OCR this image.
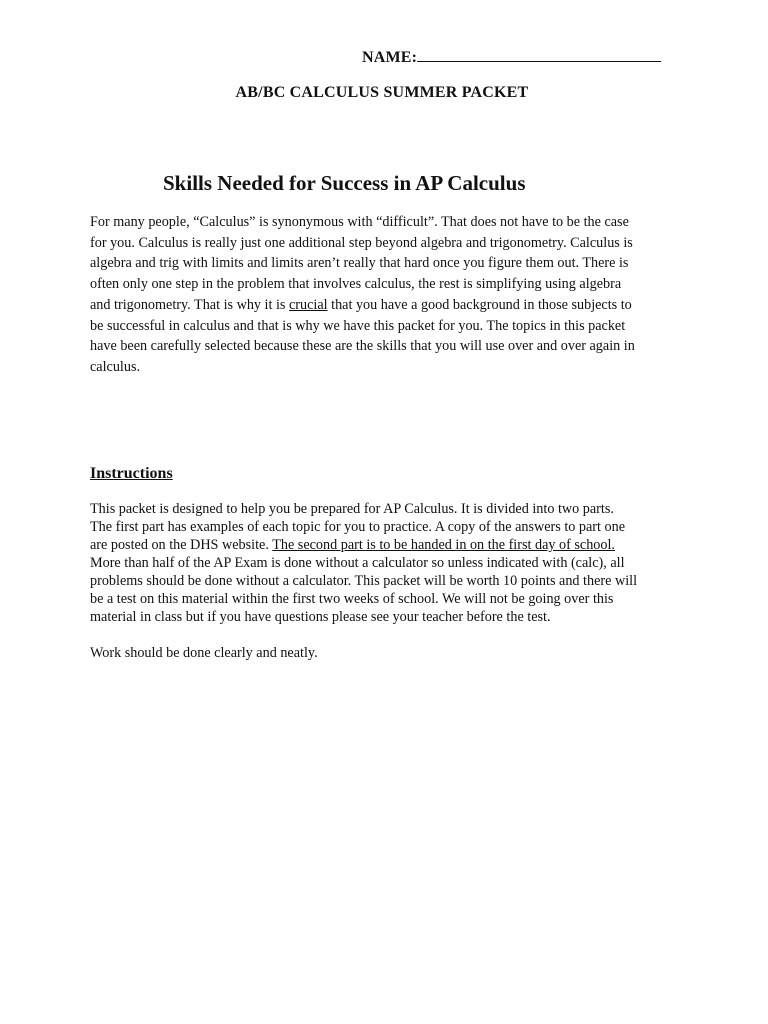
NAME:
AB/BC CALCULUS SUMMER PACKET
Skills Needed for Success in AP Calculus
For many people, “Calculus” is synonymous with “difficult”. That does not have to be the case
for you. Calculus is really just one additional step beyond algebra and trigonometry. Calculus is
algebra and trig with limits and limits aren’t really that hard once you figure them out. There is
often only one step in the problem that involves calculus, the rest is simplifying using algebra
and trigonometry. That is why it is crucial that you have a good background in those subjects to
be successful in calculus and that is why we have this packet for you. The topics in this packet
have been carefully selected because these are the skills that you will use over and over again in
calculus.
Instructions
This packet is designed to help you be prepared for AP Calculus. It is divided into two parts.
The first part has examples of each topic for you to practice. A copy of the answers to part one
are posted on the DHS website. The second part is to be handed in on the first day of school.
More than half of the AP Exam is done without a calculator so unless indicated with (calc), all
problems should be done without a calculator. This packet will be worth 10 points and there will
be a test on this material within the first two weeks of school. We will not be going over this
material in class but if you have questions please see your teacher before the test.

Work should be done clearly and neatly.
